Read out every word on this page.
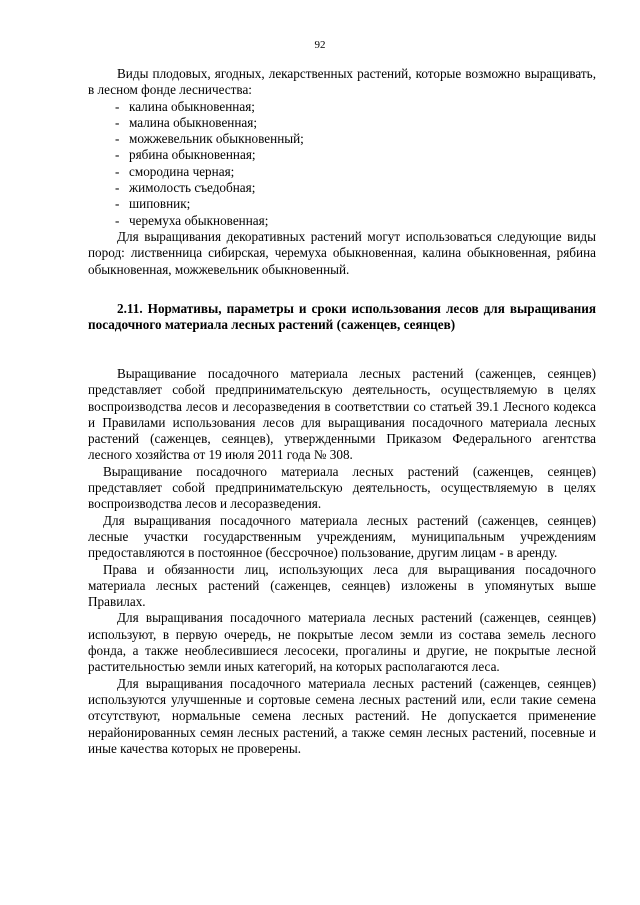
92

Виды плодовых, ягодных, лекарственных растений, которые возможно выращивать, в лесном фонде лесничества:

- калина обыкновенная;
- малина обыкновенная;
- можжевельник обыкновенный;
- рябина обыкновенная;
- смородина черная;
- жимолость съедобная;
- шиповник;
- черемуха обыкновенная;

Для выращивания декоративных растений могут использоваться следующие виды пород: лиственница сибирская, черемуха обыкновенная, калина обыкновенная, рябина обыкновенная, можжевельник обыкновенный.

2.11. Нормативы, параметры и сроки использования лесов для выращивания посадочного материала лесных растений (саженцев, сеянцев)

Выращивание посадочного материала лесных растений (саженцев, сеянцев) представляет собой предпринимательскую деятельность, осуществляемую в целях воспроизводства лесов и лесоразведения в соответствии со статьей 39.1 Лесного кодекса и Правилами использования лесов для выращивания посадочного материала лесных растений (саженцев, сеянцев), утвержденными Приказом Федерального агентства лесного хозяйства от 19 июля 2011 года № 308.

Выращивание посадочного материала лесных растений (саженцев, сеянцев) представляет собой предпринимательскую деятельность, осуществляемую в целях воспроизводства лесов и лесоразведения.

Для выращивания посадочного материала лесных растений (саженцев, сеянцев) лесные участки государственным учреждениям, муниципальным учреждениям предоставляются в постоянное (бессрочное) пользование, другим лицам - в аренду.

Права и обязанности лиц, использующих леса для выращивания посадочного материала лесных растений (саженцев, сеянцев) изложены в упомянутых выше Правилах.

Для выращивания посадочного материала лесных растений (саженцев, сеянцев) используют, в первую очередь, не покрытые лесом земли из состава земель лесного фонда, а также необлесившиеся лесосеки, прогалины и другие, не покрытые лесной растительностью земли иных категорий, на которых располагаются леса.

Для выращивания посадочного материала лесных растений (саженцев, сеянцев) используются улучшенные и сортовые семена лесных растений или, если такие семена отсутствуют, нормальные семена лесных растений. Не допускается применение нерайонированных семян лесных растений, а также семян лесных растений, посевные и иные качества которых не проверены.
